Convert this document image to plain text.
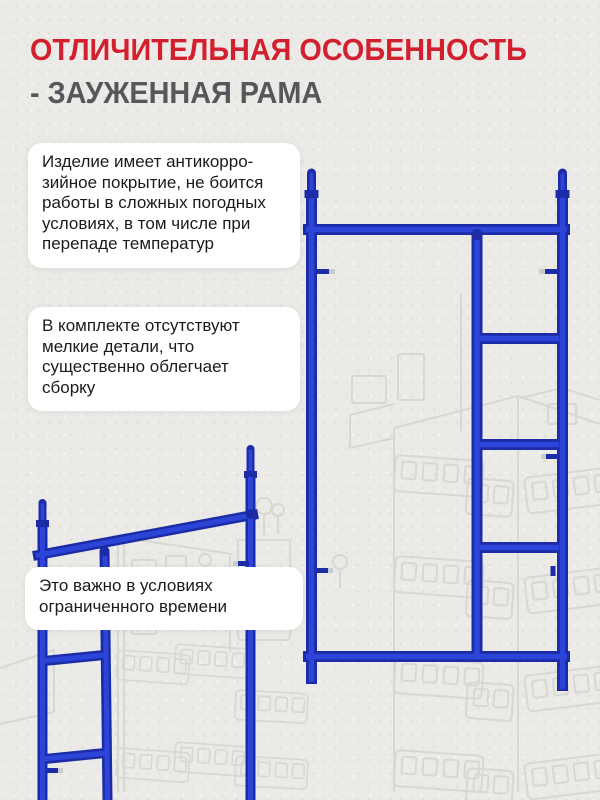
ОТЛИЧИТЕЛЬНАЯ ОСОБЕННОСТЬ
- ЗАУЖЕННАЯ РАМА
Изделие имеет антикорро-
зийное покрытие, не боится
работы в сложных погодных
условиях, в том числе при
перепаде температур
В комплекте отсутствуют
мелкие детали, что
существенно облегчает
сборку
Это важно в условиях
ограниченного времени
